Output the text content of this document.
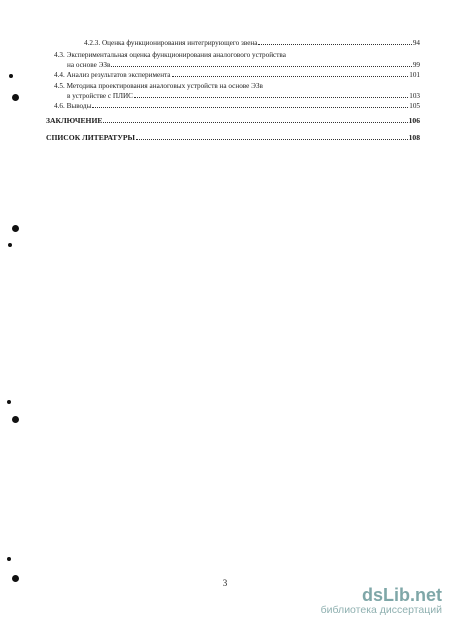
4.2.3. Оценка функционирования интегрирующего звена	94
4.3. Экспериментальная оценка функционирования аналогового устройства
на основе ЭЗв	99
4.4. Анализ результатов эксперимента	101
4.5. Методика проектирования аналоговых устройств на основе ЭЗв
в устройстве с ПЛИС	103
4.6. Выводы	105
ЗАКЛЮЧЕНИЕ	106
СПИСОК ЛИТЕРАТУРЫ	108
3
dsLib.net
библиотека диссертаций
